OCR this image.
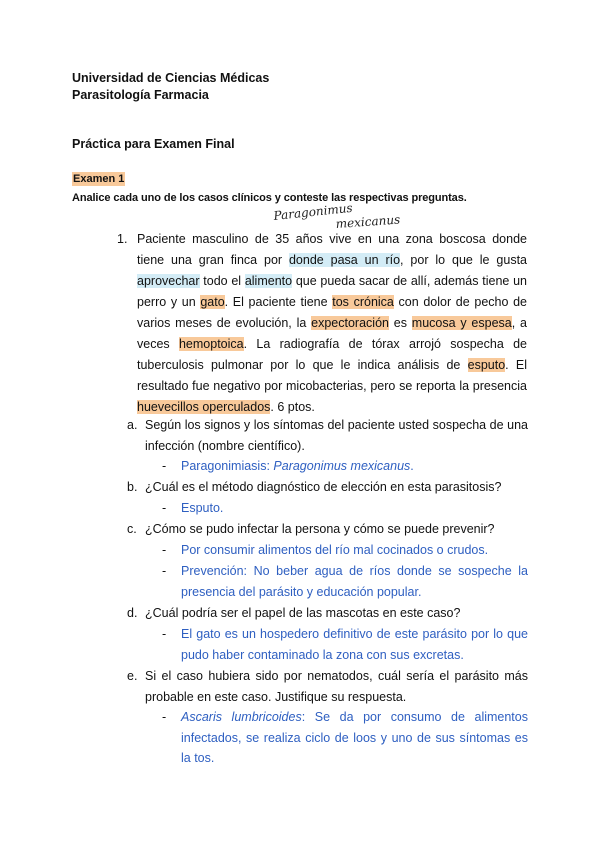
Universidad de Ciencias Médicas
Parasitología Farmacia
Práctica para Examen Final
Examen 1
Analice cada uno de los casos clínicos y conteste las respectivas preguntas.
Paragonimus
mexicanus
1. Paciente masculino de 35 años vive en una zona boscosa donde tiene una gran finca por donde pasa un río, por lo que le gusta aprovechar todo el alimento que pueda sacar de allí, además tiene un perro y un gato. El paciente tiene tos crónica con dolor de pecho de varios meses de evolución, la expectoración es mucosa y espesa, a veces hemoptoica. La radiografía de tórax arrojó sospecha de tuberculosis pulmonar por lo que le indica análisis de esputo. El resultado fue negativo por micobacterias, pero se reporta la presencia huevecillos operculados. 6 ptos.
a. Según los signos y los síntomas del paciente usted sospecha de una infección (nombre científico).
- Paragonimiasis: Paragonimus mexicanus.
b. ¿Cuál es el método diagnóstico de elección en esta parasitosis?
- Esputo.
c. ¿Cómo se pudo infectar la persona y cómo se puede prevenir?
- Por consumir alimentos del río mal cocinados o crudos.
- Prevención: No beber agua de ríos donde se sospeche la presencia del parásito y educación popular.
d. ¿Cuál podría ser el papel de las mascotas en este caso?
- El gato es un hospedero definitivo de este parásito por lo que pudo haber contaminado la zona con sus excretas.
e. Si el caso hubiera sido por nematodos, cuál sería el parásito más probable en este caso. Justifique su respuesta.
- Ascaris lumbricoides: Se da por consumo de alimentos infectados, se realiza ciclo de loos y uno de sus síntomas es la tos.
